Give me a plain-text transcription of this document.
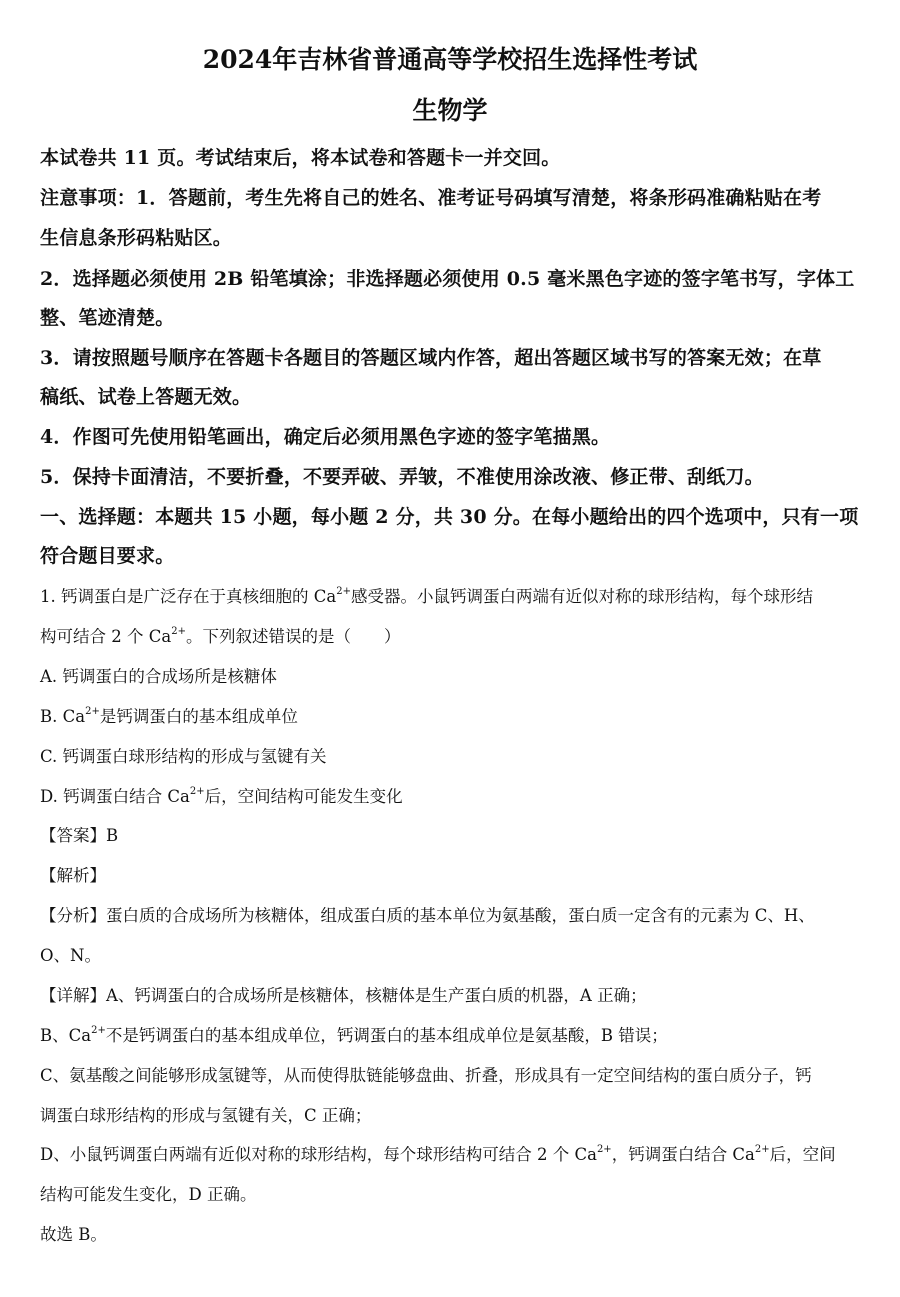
2024年吉林省普通高等学校招生选择性考试
生物学
本试卷共 11 页。考试结束后，将本试卷和答题卡一并交回。
注意事项：1．答题前，考生先将自己的姓名、准考证号码填写清楚，将条形码准确粘贴在考
生信息条形码粘贴区。
2．选择题必须使用 2B 铅笔填涂；非选择题必须使用 0.5 毫米黑色字迹的签字笔书写，字体工
整、笔迹清楚。
3．请按照题号顺序在答题卡各题目的答题区域内作答，超出答题区域书写的答案无效；在草
稿纸、试卷上答题无效。
4．作图可先使用铅笔画出，确定后必须用黑色字迹的签字笔描黑。
5．保持卡面清洁，不要折叠，不要弄破、弄皱，不准使用涂改液、修正带、刮纸刀。
一、选择题：本题共 15 小题，每小题 2 分，共 30 分。在每小题给出的四个选项中，只有一项
符合题目要求。
1. 钙调蛋白是广泛存在于真核细胞的 $Ca^{2+}$感受器。小鼠钙调蛋白两端有近似对称的球形结构，每个球形结
构可结合 2 个 $Ca^{2+}$。下列叙述错误的是（　　）
A. 钙调蛋白的合成场所是核糖体
B. $Ca^{2+}$是钙调蛋白的基本组成单位
C. 钙调蛋白球形结构的形成与氢键有关
D. 钙调蛋白结合 $Ca^{2+}$后，空间结构可能发生变化
【答案】B
【解析】
【分析】蛋白质的合成场所为核糖体，组成蛋白质的基本单位为氨基酸，蛋白质一定含有的元素为 C、H、
O、N。
【详解】A、钙调蛋白的合成场所是核糖体，核糖体是生产蛋白质的机器，A 正确；
B、$Ca^{2+}$不是钙调蛋白的基本组成单位，钙调蛋白的基本组成单位是氨基酸，B 错误；
C、氨基酸之间能够形成氢键等，从而使得肽链能够盘曲、折叠，形成具有一定空间结构的蛋白质分子，钙
调蛋白球形结构的形成与氢键有关，C 正确；
D、小鼠钙调蛋白两端有近似对称的球形结构，每个球形结构可结合 2 个 $Ca^{2+}$，钙调蛋白结合 $Ca^{2+}$后，空间
结构可能发生变化，D 正确。
故选 B。
